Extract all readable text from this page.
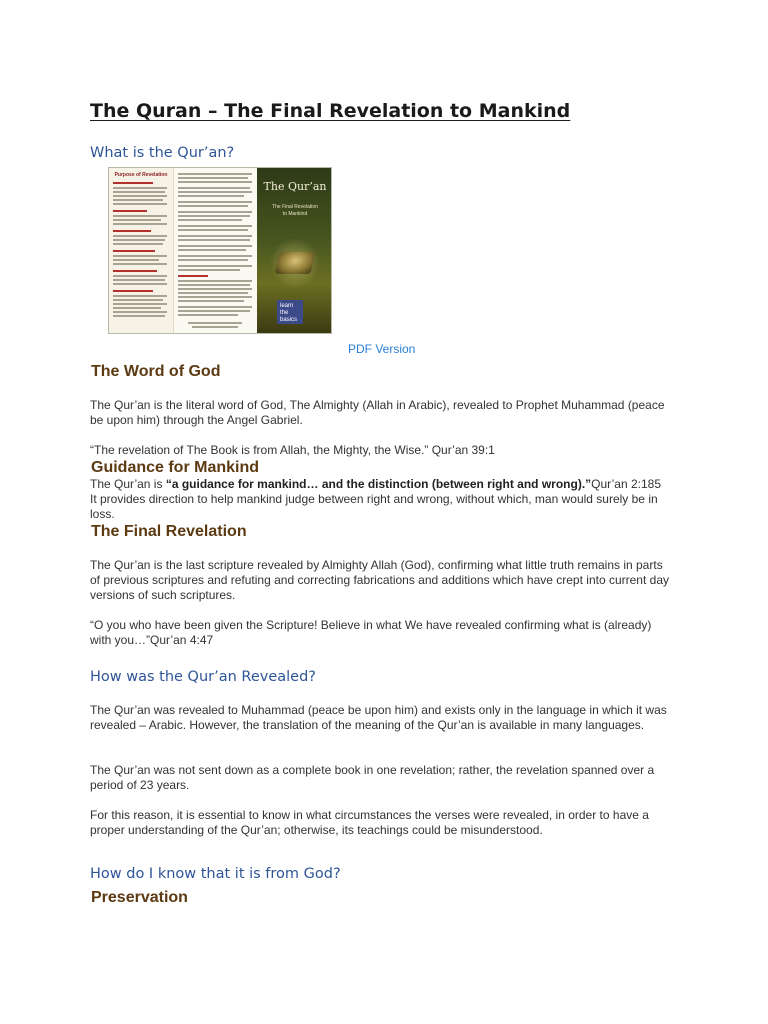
The Quran – The Final Revelation to Mankind
What is the Qur’an?
Purpose of Revelation
The Qur’an
The Final Revelation
to Mankind
learn
the
basics
PDF Version
The Word of God

The Qur’an is the literal word of God, The Almighty (Allah in Arabic), revealed to Prophet Muhammad (peace be upon him) through the Angel Gabriel.

“The revelation of The Book is from Allah, the Mighty, the Wise.” Qur’an 39:1

Guidance for Mankind

The Qur’an is “a guidance for mankind… and the distinction (between right and wrong).”Qur’an 2:185 It provides direction to help mankind judge between right and wrong, without which, man would surely be in loss.

The Final Revelation

The Qur’an is the last scripture revealed by Almighty Allah (God), confirming what little truth remains in parts of previous scriptures and refuting and correcting fabrications and additions which have crept into current day versions of such scriptures.

“O you who have been given the Scripture! Believe in what We have revealed confirming what is (already) with you…”Qur’an 4:47

How was the Qur’an Revealed?

The Qur’an was revealed to Muhammad (peace be upon him) and exists only in the language in which it was revealed – Arabic. However, the translation of the meaning of the Qur’an is available in many languages.

The Qur’an was not sent down as a complete book in one revelation; rather, the revelation spanned over a period of 23 years.

For this reason, it is essential to know in what circumstances the verses were revealed, in order to have a proper understanding of the Qur’an; otherwise, its teachings could be misunderstood.

How do I know that it is from God?
Preservation
